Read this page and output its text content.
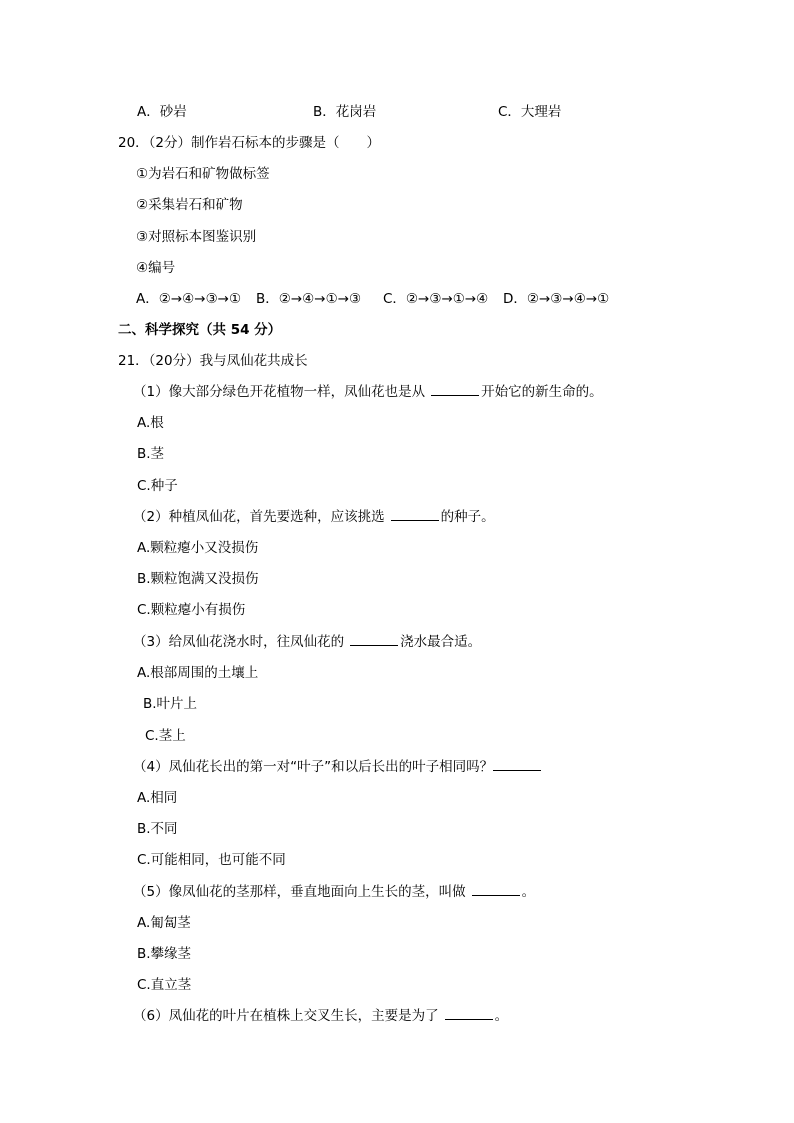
A．砂岩	B．花岗岩	C．大理岩
20．（2分）制作岩石标本的步骤是（　　）
①为岩石和矿物做标签
②采集岩石和矿物
③对照标本图鉴识别
④编号
A．②→④→③→① B．②→④→①→③ C．②→③→①→④ D．②→③→④→①
二、科学探究（共 54 分）
21．（20分）我与凤仙花共成长
（1）像大部分绿色开花植物一样，凤仙花也是从	开始它的新生命的。
A.根
B.茎
C.种子
（2）种植凤仙花，首先要选种，应该挑选	的种子。
A.颗粒瘪小又没损伤
B.颗粒饱满又没损伤
C.颗粒瘪小有损伤
（3）给凤仙花浇水时，往凤仙花的	浇水最合适。
A.根部周围的土壤上
B.叶片上
C.茎上
（4）凤仙花长出的第一对“叶子”和以后长出的叶子相同吗？
A.相同
B.不同
C.可能相同，也可能不同
（5）像凤仙花的茎那样，垂直地面向上生长的茎，叫做	。
A.匍匐茎
B.攀缘茎
C.直立茎
（6）凤仙花的叶片在植株上交叉生长，主要是为了	。
